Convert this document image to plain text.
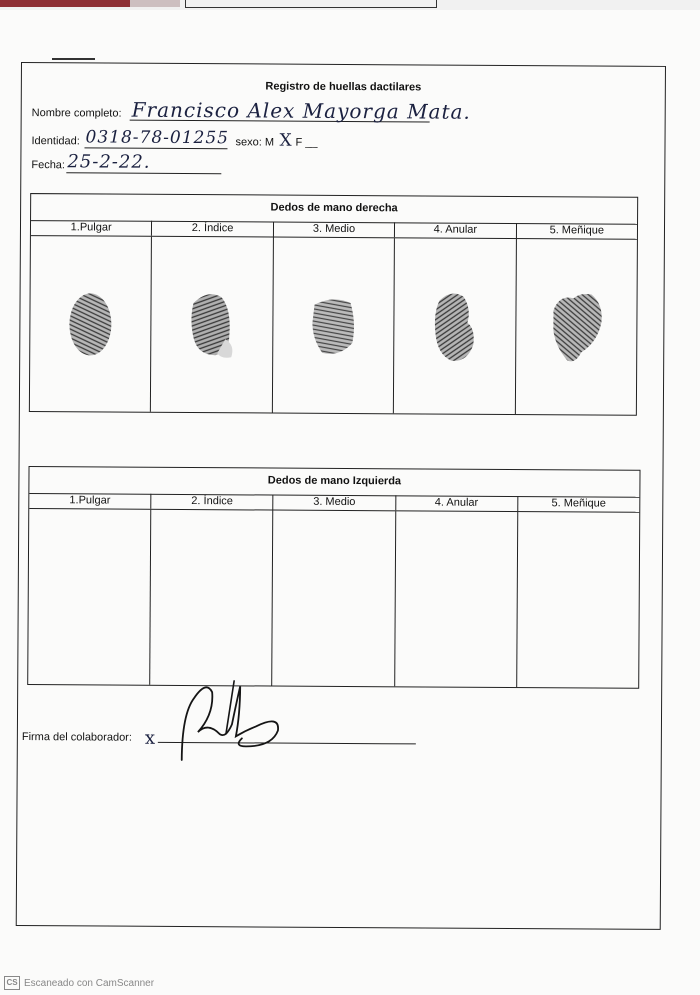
Registro de huellas dactilares
Nombre completo: Francisco Alex Mayorga Mata.
Identidad: 0318-78-01255 sexo: M X F __
Fecha: 25-2-22.
Dedos de mano derecha
1.Pulgar	2. Índice	3. Medio	4. Anular	5. Meñique
Dedos de mano Izquierda
1.Pulgar	2. Índice	3. Medio	4. Anular	5. Meñique
Firma del colaborador: x
CS Escaneado con CamScanner
